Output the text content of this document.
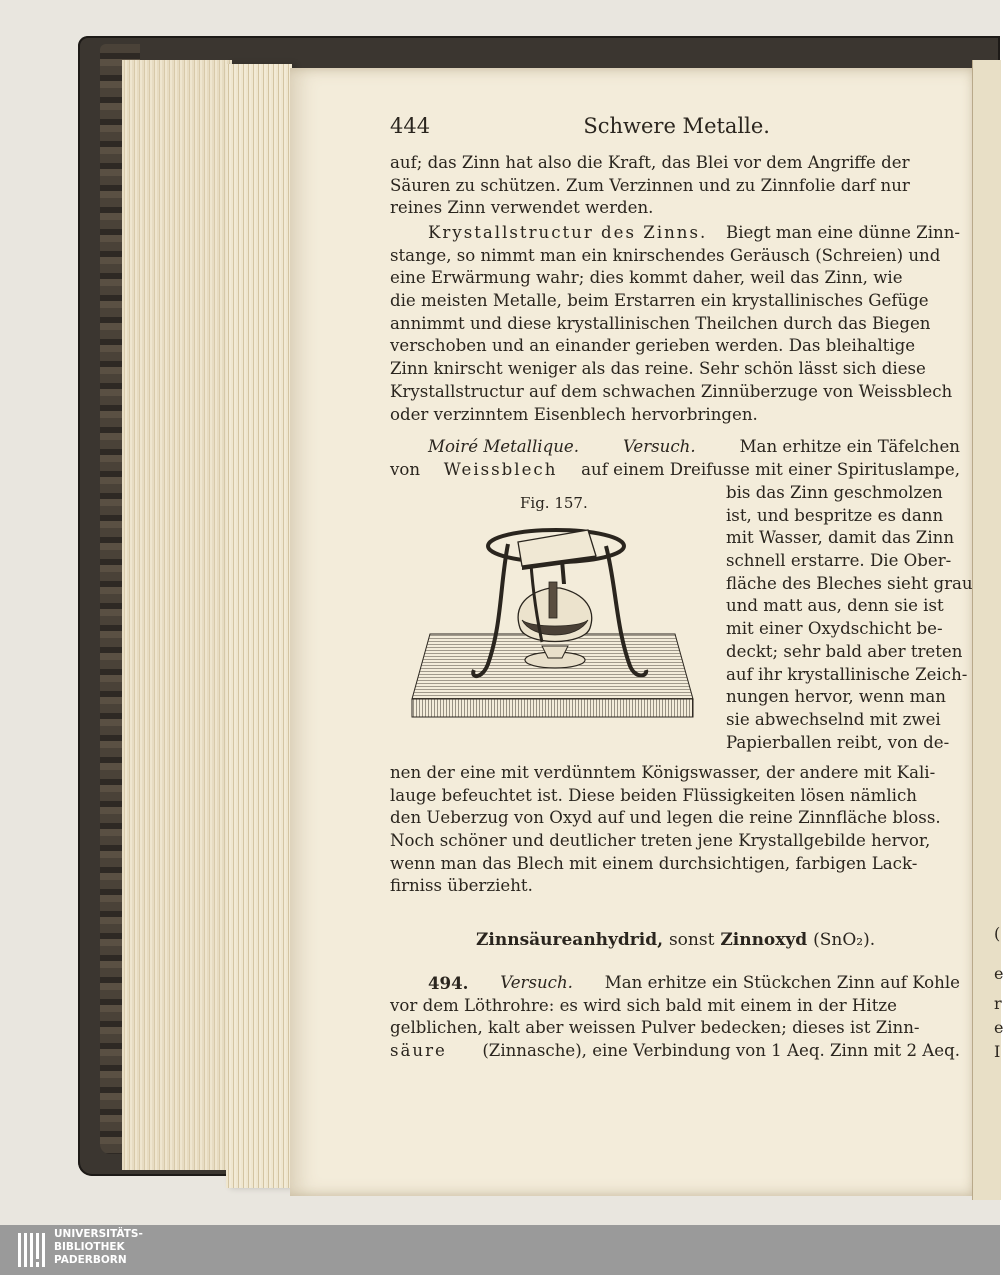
(
e
r
e
I
444	Schwere Metalle.
auf; das Zinn hat also die Kraft, das Blei vor dem Angriffe der
Säuren zu schützen. Zum Verzinnen und zu Zinnfolie darf nur
reines Zinn verwendet werden.
Krystallstructur des Zinns. Biegt man eine dünne Zinn-
stange, so nimmt man ein knirschendes Geräusch (Schreien) und
eine Erwärmung wahr; dies kommt daher, weil das Zinn, wie
die meisten Metalle, beim Erstarren ein krystallinisches Gefüge
annimmt und diese krystallinischen Theilchen durch das Biegen
verschoben und an einander gerieben werden. Das bleihaltige
Zinn knirscht weniger als das reine. Sehr schön lässt sich diese
Krystallstructur auf dem schwachen Zinnüberzuge von Weissblech
oder verzinntem Eisenblech hervorbringen.
Moiré Metallique.	Versuch.	Man erhitze ein Täfelchen
von Weissblech auf einem Dreifusse mit einer Spirituslampe,
Fig. 157.
bis das Zinn geschmolzen
ist, und bespritze es dann
mit Wasser, damit das Zinn
schnell erstarre. Die Ober-
fläche des Bleches sieht grau
und matt aus, denn sie ist
mit einer Oxydschicht be-
deckt; sehr bald aber treten
auf ihr krystallinische Zeich-
nungen hervor, wenn man
sie abwechselnd mit zwei
Papierballen reibt, von de-
nen der eine mit verdünntem Königswasser, der andere mit Kali-
lauge befeuchtet ist. Diese beiden Flüssigkeiten lösen nämlich
den Ueberzug von Oxyd auf und legen die reine Zinnfläche bloss.
Noch schöner und deutlicher treten jene Krystallgebilde hervor,
wenn man das Blech mit einem durchsichtigen, farbigen Lack-
firniss überzieht.
Zinnsäureanhydrid, sonst Zinnoxyd (SnO₂).
494. Versuch. Man erhitze ein Stückchen Zinn auf Kohle
vor dem Löthrohre: es wird sich bald mit einem in der Hitze
gelblichen, kalt aber weissen Pulver bedecken; dieses ist Zinn-
säure (Zinnasche), eine Verbindung von 1 Aeq. Zinn mit 2 Aeq.
UNIVERSITÄTS-
BIBLIOTHEK
PADERBORN
